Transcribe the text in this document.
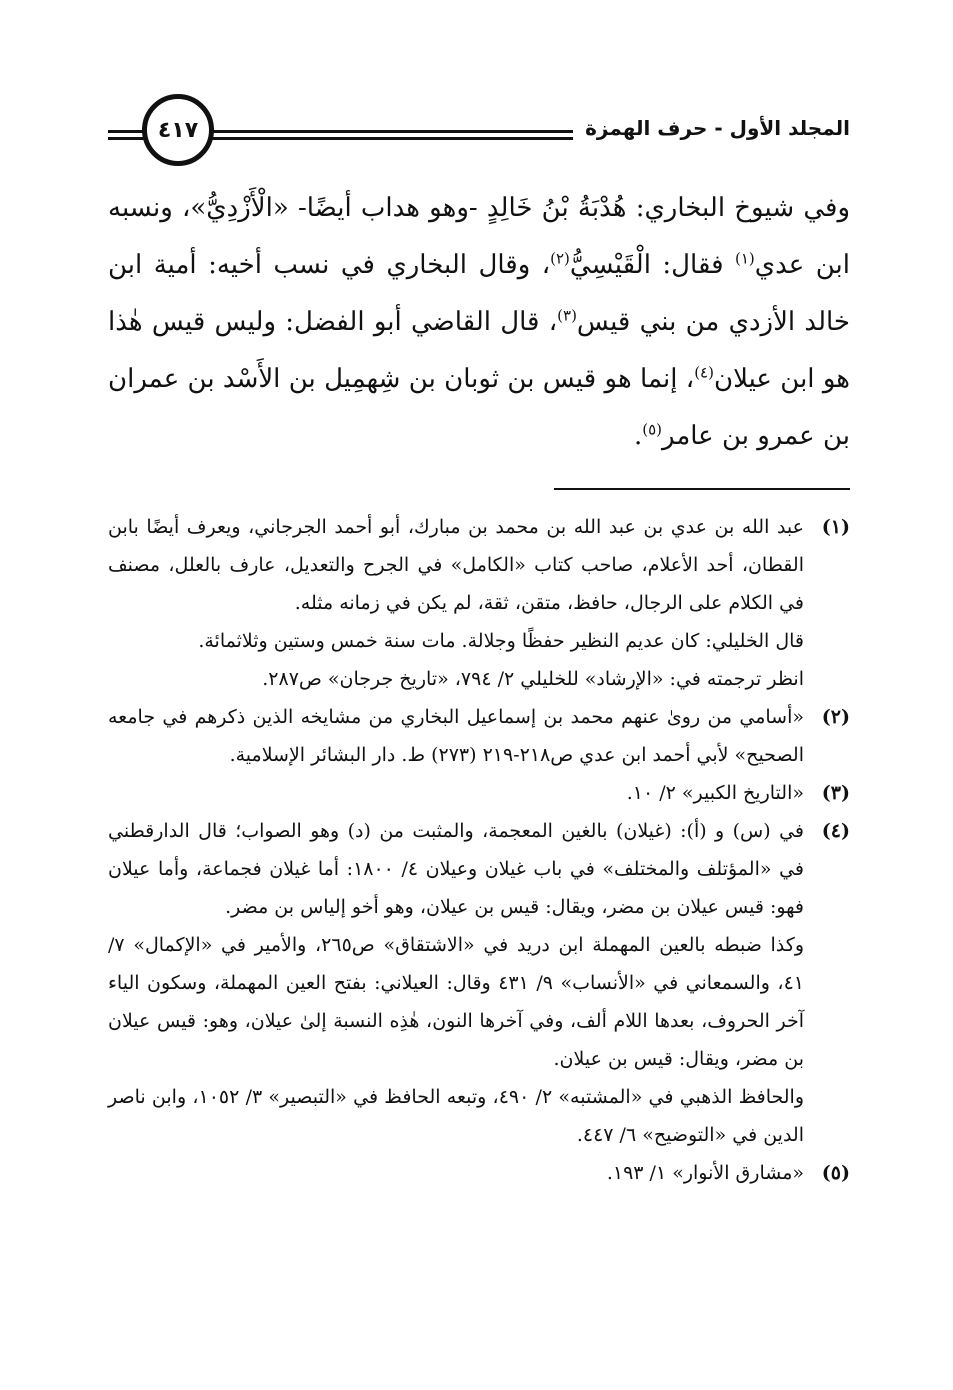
المجلد الأول - حرف الهمزة
٤١٧

وفي شيوخ البخاري: هُدْبَةُ بْنُ خَالِدٍ -وهو هداب أيضًا- «الْأَزْدِيُّ»، ونسبه ابن عدي$^{(١)}$ فقال: الْقَيْسِيُّ$^{(٢)}$، وقال البخاري في نسب أخيه: أمية ابن خالد الأزدي من بني قيس$^{(٣)}$، قال القاضي أبو الفضل: وليس قيس هٰذا هو ابن عيلان$^{(٤)}$، إنما هو قيس بن ثوبان بن شِهمِيل بن الأَسْد بن عمران بن عمرو بن عامر$^{(٥)}$.

(١)

عبد الله بن عدي بن عبد الله بن محمد بن مبارك، أبو أحمد الجرجاني، ويعرف أيضًا بابن القطان، أحد الأعلام، صاحب كتاب «الكامل» في الجرح والتعديل، عارف بالعلل، مصنف في الكلام على الرجال، حافظ، متقن، ثقة، لم يكن في زمانه مثله.

قال الخليلي: كان عديم النظير حفظًا وجلالة. مات سنة خمس وستين وثلاثمائة.

انظر ترجمته في: «الإرشاد» للخليلي ٢/ ٧٩٤، «تاريخ جرجان» ص٢٨٧.

(٢)

«أسامي من روىٰ عنهم محمد بن إسماعيل البخاري من مشايخه الذين ذكرهم في جامعه الصحيح» لأبي أحمد ابن عدي ص٢١٨-٢١٩ (٢٧٣) ط. دار البشائر الإسلامية.

(٣)

«التاريخ الكبير» ٢/ ١٠.

(٤)

في (س) و (أ): (غيلان) بالغين المعجمة، والمثبت من (د) وهو الصواب؛ قال الدارقطني في «المؤتلف والمختلف» في باب غيلان وعيلان ٤/ ١٨٠٠: أما غيلان فجماعة، وأما عيلان فهو: قيس عيلان بن مضر، ويقال: قيس بن عيلان، وهو أخو إلياس بن مضر.

وكذا ضبطه بالعين المهملة ابن دريد في «الاشتقاق» ص٢٦٥، والأمير في «الإكمال» ٧/ ٤١، والسمعاني في «الأنساب» ٩/ ٤٣١ وقال: العيلاني: بفتح العين المهملة، وسكون الياء آخر الحروف، بعدها اللام ألف، وفي آخرها النون، هٰذِه النسبة إلىٰ عيلان، وهو: قيس عيلان بن مضر، ويقال: قيس بن عيلان.

والحافظ الذهبي في «المشتبه» ٢/ ٤٩٠، وتبعه الحافظ في «التبصير» ٣/ ١٠٥٢، وابن ناصر الدين في «التوضيح» ٦/ ٤٤٧.

(٥)

«مشارق الأنوار» ١/ ١٩٣.
